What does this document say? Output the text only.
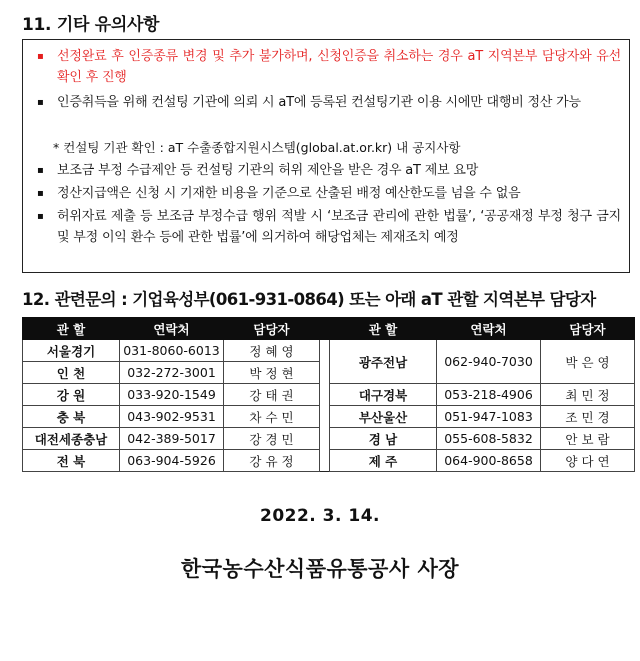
11. 기타 유의사항
▪	선정완료 후 인증종류 변경 및 추가 불가하며, 신청인증을 취소하는 경우 aT 지역본부 담당자와 유선확인 후 진행
▪	인증취득을 위해 컨설팅 기관에 의뢰 시 aT에 등록된 컨설팅기관 이용 시에만 대행비 정산 가능
* 컨설팅 기관 확인 : aT 수출종합지원시스템(global.at.or.kr) 내 공지사항
▪	보조금 부정 수급제안 등 컨설팅 기관의 허위 제안을 받은 경우 aT 제보 요망
▪	정산지급액은 신청 시 기재한 비용을 기준으로 산출된 배정 예산한도를 넘을 수 없음
▪	허위자료 제출 등 보조금 부정수급 행위 적발 시 ‘보조금 관리에 관한 법률’, ‘공공재정 부정 청구 금지 및 부정 이익 환수 등에 관한 법률’에 의거하여 해당업체는 제재조치 예정
12. 관련문의 : 기업육성부(061-931-0864) 또는 아래 aT 관할 지역본부 담당자
관 할	연락처	담당자		관 할	연락처	담당자
서울경기	031-8060-6013	정 혜 영		광주전남	062-940-7030	박 은 영
인 천	032-272-3001	박 정 현				
강 원	033-920-1549	강 태 권		대구경북	053-218-4906	최 민 정
충 북	043-902-9531	차 수 민		부산울산	051-947-1083	조 민 경
대전세종충남	042-389-5017	강 경 민		경 남	055-608-5832	안 보 람
전 북	063-904-5926	강 유 정		제 주	064-900-8658	양 다 연
2022. 3. 14.
한국농수산식품유통공사 사장
